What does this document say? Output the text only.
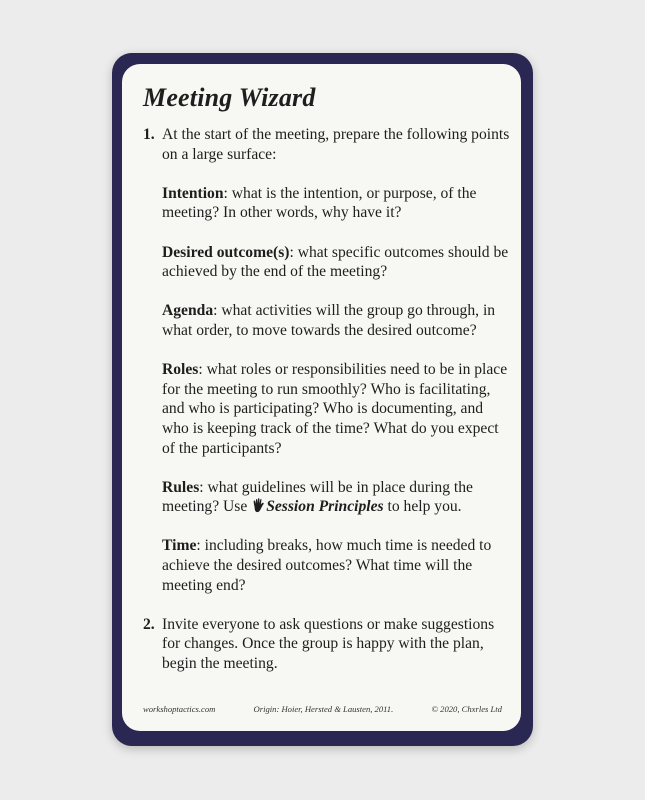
Meeting Wizard
1. At the start of the meeting, prepare the following points on a large surface:

Intention: what is the intention, or purpose, of the meeting? In other words, why have it?

Desired outcome(s): what specific outcomes should be achieved by the end of the meeting?

Agenda: what activities will the group go through, in what order, to move towards the desired outcome?

Roles: what roles or responsibilities need to be in place for the meeting to run smoothly? Who is facilitating, and who is participating? Who is documenting, and who is keeping track of the time? What do you expect of the participants?

Rules: what guidelines will be in place during the meeting? Use Session Principles to help you.

Time: including breaks, how much time is needed to achieve the desired outcomes? What time will the meeting end?

2. Invite everyone to ask questions or make suggestions for changes. Once the group is happy with the plan, begin the meeting.

workshoptactics.com	Origin: Hoier, Hersted & Lausten, 2011.	© 2020, Chxrles Ltd
